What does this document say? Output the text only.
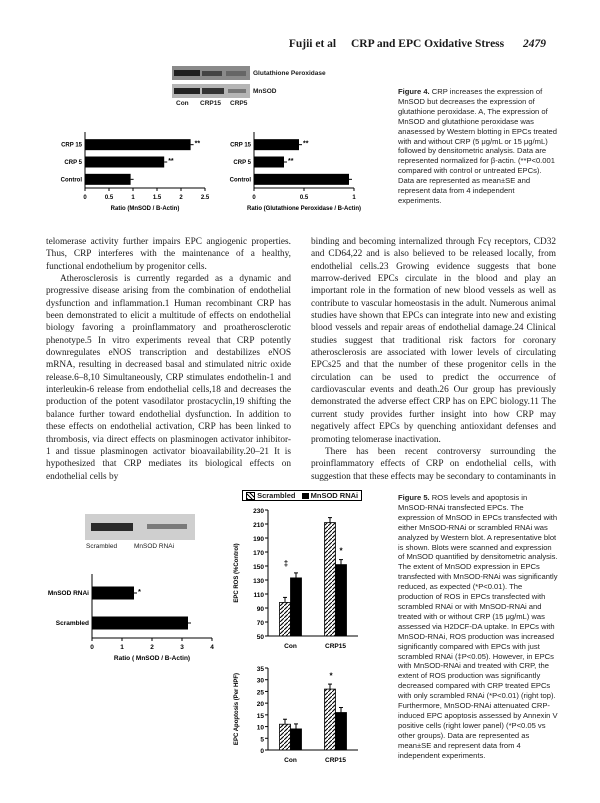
Fujii et al CRP and EPC Oxidative Stress 2479
Glutathione Peroxidase
MnSOD
Con CRP15 CRP5
CRP 15	**
CRP 5	**
Control
0	0.5	1	1.5	2	2.5
Ratio (MnSOD / B-Actin)
CRP 15	**
CRP 5	**
Control
0	0.5	1
Ratio (Glutathione Peroxidase / B-Actin)
Figure 4. CRP increases the expression of MnSOD but decreases the expression of glutathione peroxidase. A, The expression of MnSOD and glutathione peroxidase was anasessed by Western blotting in EPCs treated with and without CRP (5 μg/mL or 15 μg/mL) followed by densitometric analysis. Data are represented normalized for β-actin. (**P<0.001 compared with control or untreated EPCs). Data are represented as mean±SE and represent data from 4 independent experiments.

telomerase activity further impairs EPC angiogenic properties. Thus, CRP interferes with the maintenance of a healthy, functional endothelium by progenitor cells.

Atherosclerosis is currently regarded as a dynamic and progressive disease arising from the combination of endothelial dysfunction and inflammation.1 Human recombinant CRP has been demonstrated to elicit a multitude of effects on endothelial biology favoring a proinflammatory and proatherosclerotic phenotype.5 In vitro experiments reveal that CRP potently downregulates eNOS transcription and destabilizes eNOS mRNA, resulting in decreased basal and stimulated nitric oxide release.6–8,10 Simultaneously, CRP stimulates endothelin-1 and interleukin-6 release from endothelial cells,18 and decreases the production of the potent vasodilator prostacyclin,19 shifting the balance further toward endothelial dysfunction. In addition to these effects on endothelial activation, CRP has been linked to thrombosis, via direct effects on plasminogen activator inhibitor-1 and tissue plasminogen activator bioavailability.20–21 It is hypothesized that CRP mediates its biological effects on endothelial cells by

binding and becoming internalized through Fcγ receptors, CD32 and CD64,22 and is also believed to be released locally, from endothelial cells.23 Growing evidence suggests that bone marrow-derived EPCs circulate in the blood and play an important role in the formation of new blood vessels as well as contribute to vascular homeostasis in the adult. Numerous animal studies have shown that EPCs can integrate into new and existing blood vessels and repair areas of endothelial damage.24 Clinical studies suggest that traditional risk factors for coronary atherosclerosis are associated with lower levels of circulating EPCs25 and that the number of these progenitor cells in the circulation can be used to predict the occurrence of cardiovascular events and death.26 Our group has previously demonstrated the adverse effect CRP has on EPC biology.11 The current study provides further insight into how CRP may negatively affect EPCs by quenching antioxidant defenses and promoting telomerase inactivation.

There has been recent controversy surrounding the proinflammatory effects of CRP on endothelial cells, with suggestion that these effects may be secondary to contaminants in

Scrambled	MnSOD RNAi
MnSOD RNAi	*
Scrambled
0	1	2	3	4
Ratio ( MnSOD / B-Actin)
Scrambled MnSOD RNAi
50
70
90
110
130
150
170
190
210
230
EPC ROS (%Control)
Con	CRP15
‡
*
0
5
10
15
20
25
30
35
EPC Apoptosis (Per HPF)
Con	CRP15
*
Figure 5. ROS levels and apoptosis in MnSOD-RNAi transfected EPCs. The expression of MnSOD in EPCs transfected with either MnSOD-RNAi or scrambled RNAi was analyzed by Western blot. A representative blot is shown. Blots were scanned and expression of MnSOD quantified by densitometric analysis. The extent of MnSOD expression in EPCs transfected with MnSOD-RNAi was significantly reduced, as expected (*P<0.01). The production of ROS in EPCs transfected with scrambled RNAi or with MnSOD-RNAi and treated with or without CRP (15 μg/mL) was assessed via H2DCF-DA uptake. In EPCs with MnSOD-RNAi, ROS production was increased significantly compared with EPCs with just scrambled RNAi (‡P<0.05). However, in EPCs with MnSOD-RNAi and treated with CRP, the extent of ROS production was significantly decreased compared with CRP treated EPCs with only scrambled RNAi (*P<0.01) (right top). Furthermore, MnSOD-RNAi attenuated CRP-induced EPC apoptosis assessed by Annexin V positive cells (right lower panel) (*P<0.05 vs other groups). Data are represented as mean±SE and represent data from 4 independent experiments.
